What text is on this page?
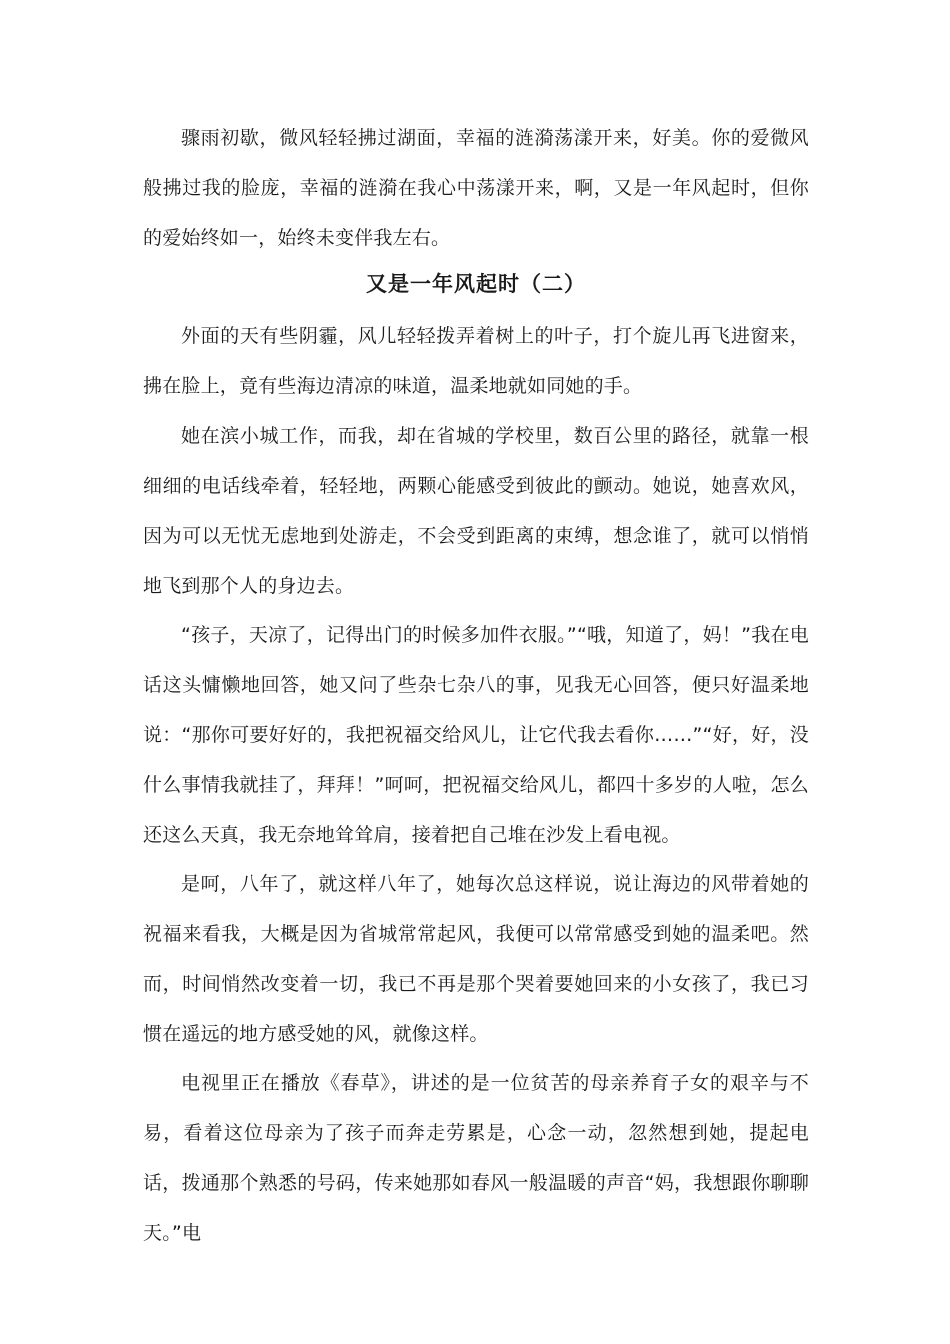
骤雨初歇，微风轻轻拂过湖面，幸福的涟漪荡漾开来，好美。你的爱微风般拂过我的脸庞，幸福的涟漪在我心中荡漾开来，啊，又是一年风起时，但你的爱始终如一，始终未变伴我左右。

又是一年风起时（二）

外面的天有些阴霾，风儿轻轻拨弄着树上的叶子，打个旋儿再飞进窗来，拂在脸上，竟有些海边清凉的味道，温柔地就如同她的手。

她在滨小城工作，而我，却在省城的学校里，数百公里的路径，就靠一根细细的电话线牵着，轻轻地，两颗心能感受到彼此的颤动。她说，她喜欢风，因为可以无忧无虑地到处游走，不会受到距离的束缚，想念谁了，就可以悄悄地飞到那个人的身边去。

“孩子，天凉了，记得出门的时候多加件衣服。”“哦，知道了，妈！”我在电话这头慵懒地回答，她又问了些杂七杂八的事，见我无心回答，便只好温柔地说：“那你可要好好的，我把祝福交给风儿，让它代我去看你……”“好，好，没什么事情我就挂了，拜拜！”呵呵，把祝福交给风儿，都四十多岁的人啦，怎么还这么天真，我无奈地耸耸肩，接着把自己堆在沙发上看电视。

是呵，八年了，就这样八年了，她每次总这样说，说让海边的风带着她的祝福来看我，大概是因为省城常常起风，我便可以常常感受到她的温柔吧。然而，时间悄然改变着一切，我已不再是那个哭着要她回来的小女孩了，我已习惯在遥远的地方感受她的风，就像这样。

电视里正在播放《春草》，讲述的是一位贫苦的母亲养育子女的艰辛与不易，看着这位母亲为了孩子而奔走劳累是，心念一动，忽然想到她，提起电话，拨通那个熟悉的号码，传来她那如春风一般温暖的声音“妈，我想跟你聊聊天。”电
